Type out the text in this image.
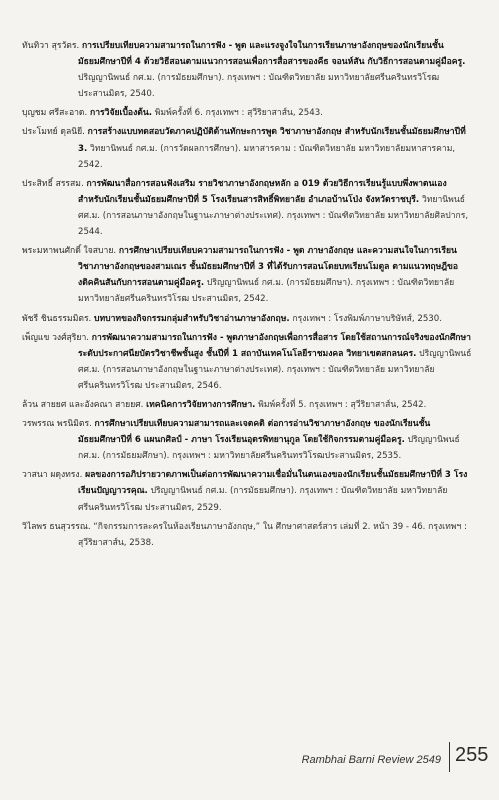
ทันทิวา สุรวัตร. การเปรียบเทียบความสามารถในการฟัง - พูด และแรงจูงใจในการเรียนภาษาอังกฤษของนักเรียนชั้นมัธยมศึกษาปีที่ 4 ด้วยวิธีสอนตามแนวการสอนเพื่อการสื่อสารของคีธ จอนห์สัน กับวิธีการสอนตามคู่มือครู. ปริญญานิพนธ์ กศ.ม. (การมัธยมศึกษา). กรุงเทพฯ : บัณฑิตวิทยาลัย มหาวิทยาลัยศรีนครินทรวิโรฒ ประสานมิตร, 2540.
บุญชม ศรีสะอาด. การวิจัยเบื้องต้น. พิมพ์ครั้งที่ 6. กรุงเทพฯ : สุวีริยาสาส์น, 2543.
ประโมทย์ ดุลนิยี. การสร้างแบบทดสอบวัดภาคปฏิบัติด้านทักษะการพูด วิชาภาษาอังกฤษ สำหรับนักเรียนชั้นมัธยมศึกษาปีที่ 3. วิทยานิพนธ์ กศ.ม. (การวัดผลการศึกษา). มหาสารคาม : บัณฑิตวิทยาลัย มหาวิทยาลัยมหาสารคาม, 2542.
ประสิทธิ์ สรรสม. การพัฒนาสื่อการสอนฟังเสริม รายวิชาภาษาอังกฤษหลัก อ 019 ด้วยวิธีการเรียนรู้แบบพึ่งพาตนเอง สำหรับนักเรียนชั้นมัธยมศึกษาปีที่ 5 โรงเรียนสารสิทธิ์พิทยาลัย อำเภอบ้านโป่ง จังหวัดราชบุรี. วิทยานิพนธ์ ศศ.ม. (การสอนภาษาอังกฤษในฐานะภาษาต่างประเทศ). กรุงเทพฯ : บัณฑิตวิทยาลัย มหาวิทยาลัยศิลปากร, 2544.
พระมหาพนศักดิ์ ใจสบาย. การศึกษาเปรียบเทียบความสามารถในการฟัง - พูด ภาษาอังกฤษ และความสนใจในการเรียนวิชาภาษาอังกฤษของสามเณร ชั้นมัธยมศึกษาปีที่ 3 ที่ได้รับการสอนโดยบทเรียนโมดูล ตามแนวทฤษฎีของดิคคินสันกับการสอนตามคู่มือครู. ปริญญานิพนธ์ กศ.ม. (การมัธยมศึกษา). กรุงเทพฯ : บัณฑิตวิทยาลัย มหาวิทยาลัยศรีนครินทรวิโรฒ ประสานมิตร, 2542.
พัชรี ชินธรรมมิตร. บทบาทของกิจกรรมกลุ่มสำหรับวิชาอ่านภาษาอังกฤษ. กรุงเทพฯ : โรงพิมพ์ภาษาบริษัทส์, 2530.
เพ็ญแข วงศ์สุริยา. การพัฒนาความสามารถในการฟัง - พูดภาษาอังกฤษเพื่อการสื่อสาร โดยใช้สถานการณ์จริงของนักศึกษา ระดับประกาศนียบัตรวิชาชีพชั้นสูง ชั้นปีที่ 1 สถาบันเทคโนโลยีราชมงคล วิทยาเขตสกลนคร. ปริญญานิพนธ์ ศศ.ม. (การสอนภาษาอังกฤษในฐานะภาษาต่างประเทศ). กรุงเทพฯ : บัณฑิตวิทยาลัย มหาวิทยาลัยศรีนครินทรวิโรฒ ประสานมิตร, 2546.
ล้วน สายยศ และอังคณา สายยศ. เทคนิคการวิจัยทางการศึกษา. พิมพ์ครั้งที่ 5. กรุงเทพฯ : สุวีริยาสาส์น, 2542.
วรพรรณ พรนิมิตร. การศึกษาเปรียบเทียบความสามารถและเจตคติ ต่อการอ่านวิชาภาษาอังกฤษ ของนักเรียนชั้นมัธยมศึกษาปีที่ 6 แผนกศิลป์ - ภาษา โรงเรียนอุดรพิทยานุกูล โดยใช้กิจกรรมตามคู่มือครู. ปริญญานิพนธ์ กศ.ม. (การมัธยมศึกษา). กรุงเทพฯ : มหาวิทยาลัยศรีนครินทรวิโรฒประสานมิตร, 2535.
วาสนา ผดุงทรง. ผลของการอภิปรายวาดภาพเป็นต่อการพัฒนาความเชื่อมั่นในตนเองของนักเรียนชั้นมัธยมศึกษาปีที่ 3 โรงเรียนปัญญาวรคุณ. ปริญญานิพนธ์ กศ.ม. (การมัธยมศึกษา). กรุงเทพฯ : บัณฑิตวิทยาลัย มหาวิทยาลัยศรีนครินทรวิโรฒ ประสานมิตร, 2529.
วิไลพร ธนสุวรรณ. “กิจกรรมการละครในห้องเรียนภาษาอังกฤษ,” ใน ศึกษาศาสตร์สาร เล่มที่ 2. หน้า 39 - 46. กรุงเทพฯ : สุวีริยาสาส์น, 2538.
Rambhai Barni Review 2549 255
